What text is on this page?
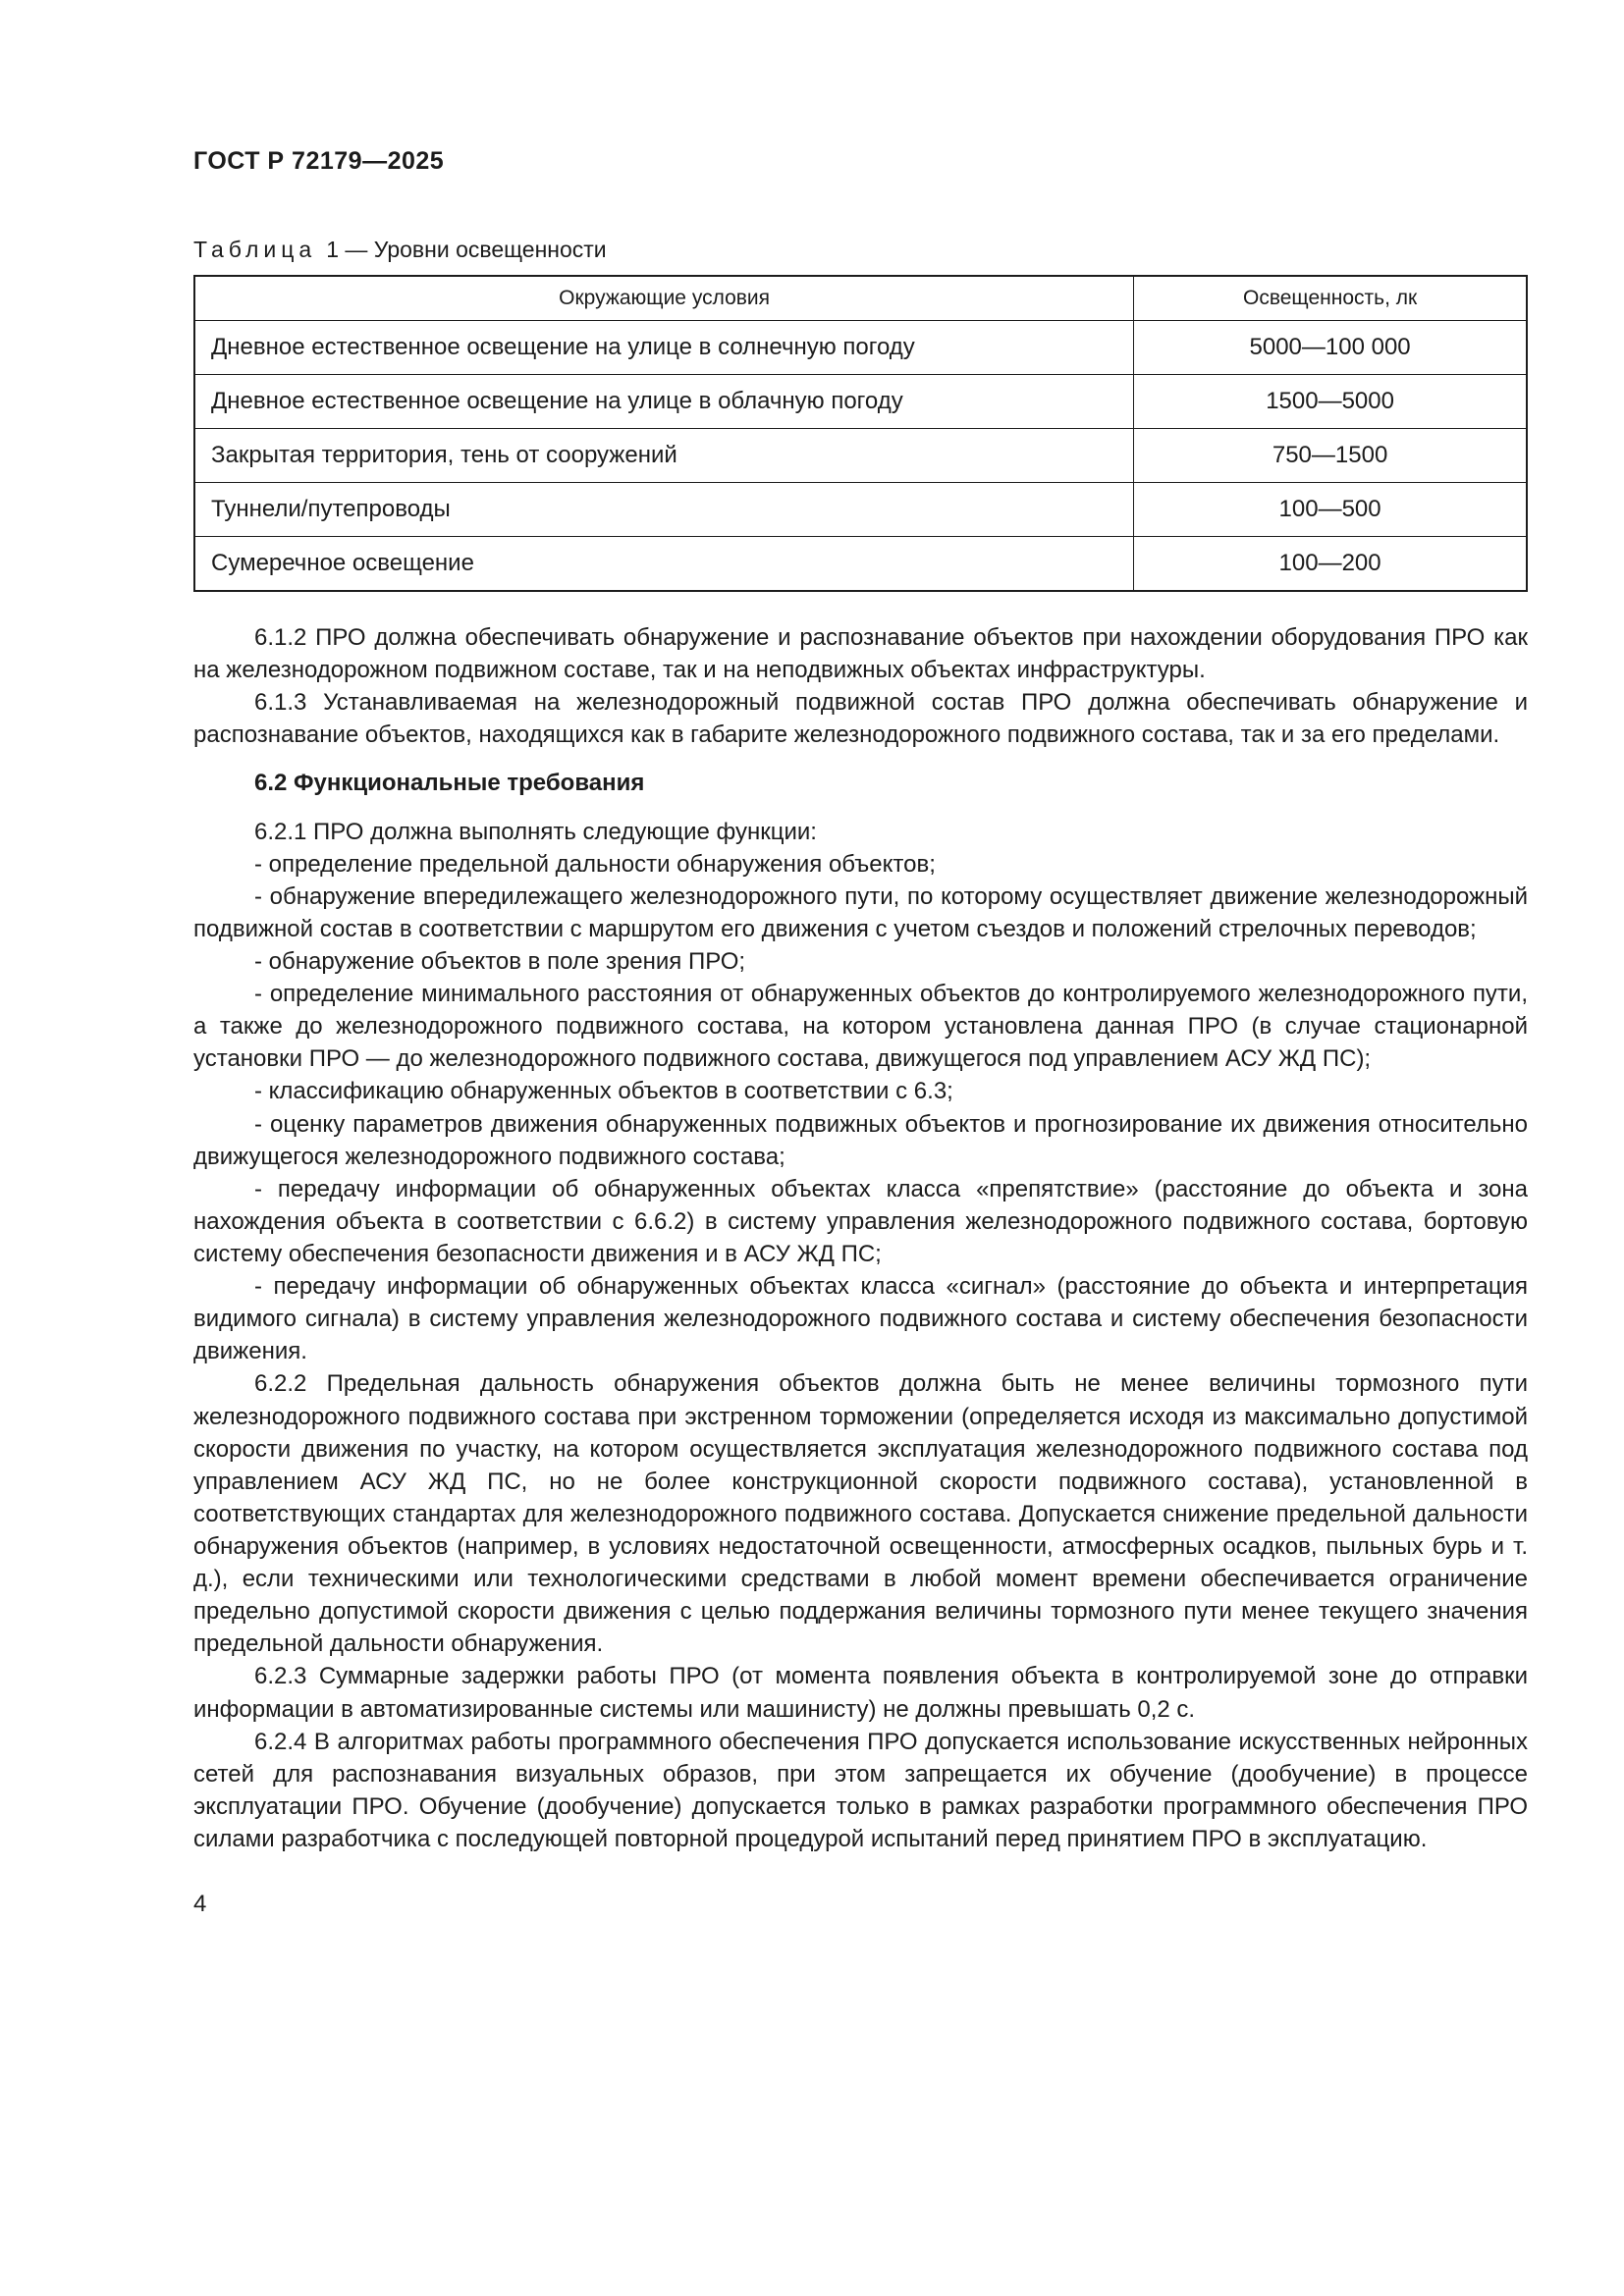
ГОСТ Р 72179—2025
Таблица 1 — Уровни освещенности
Окружающие условия	Освещенность, лк
Дневное естественное освещение на улице в солнечную погоду	5000—100 000
Дневное естественное освещение на улице в облачную погоду	1500—5000
Закрытая территория, тень от сооружений	750—1500
Туннели/путепроводы	100—500
Сумеречное освещение	100—200

6.1.2 ПРО должна обеспечивать обнаружение и распознавание объектов при нахождении оборудования ПРО как на железнодорожном подвижном составе, так и на неподвижных объектах инфраструктуры.

6.1.3 Устанавливаемая на железнодорожный подвижной состав ПРО должна обеспечивать обнаружение и распознавание объектов, находящихся как в габарите железнодорожного подвижного состава, так и за его пределами.

6.2 Функциональные требования

6.2.1 ПРО должна выполнять следующие функции:

- определение предельной дальности обнаружения объектов;

- обнаружение впередилежащего железнодорожного пути, по которому осуществляет движение железнодорожный подвижной состав в соответствии с маршрутом его движения с учетом съездов и положений стрелочных переводов;

- обнаружение объектов в поле зрения ПРО;

- определение минимального расстояния от обнаруженных объектов до контролируемого железнодорожного пути, а также до железнодорожного подвижного состава, на котором установлена данная ПРО (в случае стационарной установки ПРО — до железнодорожного подвижного состава, движущегося под управлением АСУ ЖД ПС);

- классификацию обнаруженных объектов в соответствии с 6.3;

- оценку параметров движения обнаруженных подвижных объектов и прогнозирование их движения относительно движущегося железнодорожного подвижного состава;

- передачу информации об обнаруженных объектах класса «препятствие» (расстояние до объекта и зона нахождения объекта в соответствии с 6.6.2) в систему управления железнодорожного подвижного состава, бортовую систему обеспечения безопасности движения и в АСУ ЖД ПС;

- передачу информации об обнаруженных объектах класса «сигнал» (расстояние до объекта и интерпретация видимого сигнала) в систему управления железнодорожного подвижного состава и систему обеспечения безопасности движения.

6.2.2 Предельная дальность обнаружения объектов должна быть не менее величины тормозного пути железнодорожного подвижного состава при экстренном торможении (определяется исходя из максимально допустимой скорости движения по участку, на котором осуществляется эксплуатация железнодорожного подвижного состава под управлением АСУ ЖД ПС, но не более конструкционной скорости подвижного состава), установленной в соответствующих стандартах для железнодорожного подвижного состава. Допускается снижение предельной дальности обнаружения объектов (например, в условиях недостаточной освещенности, атмосферных осадков, пыльных бурь и т. д.), если техническими или технологическими средствами в любой момент времени обеспечивается ограничение предельно допустимой скорости движения с целью поддержания величины тормозного пути менее текущего значения предельной дальности обнаружения.

6.2.3 Суммарные задержки работы ПРО (от момента появления объекта в контролируемой зоне до отправки информации в автоматизированные системы или машинисту) не должны превышать 0,2 с.

6.2.4 В алгоритмах работы программного обеспечения ПРО допускается использование искусственных нейронных сетей для распознавания визуальных образов, при этом запрещается их обучение (дообучение) в процессе эксплуатации ПРО. Обучение (дообучение) допускается только в рамках разработки программного обеспечения ПРО силами разработчика с последующей повторной процедурой испытаний перед принятием ПРО в эксплуатацию.

4
